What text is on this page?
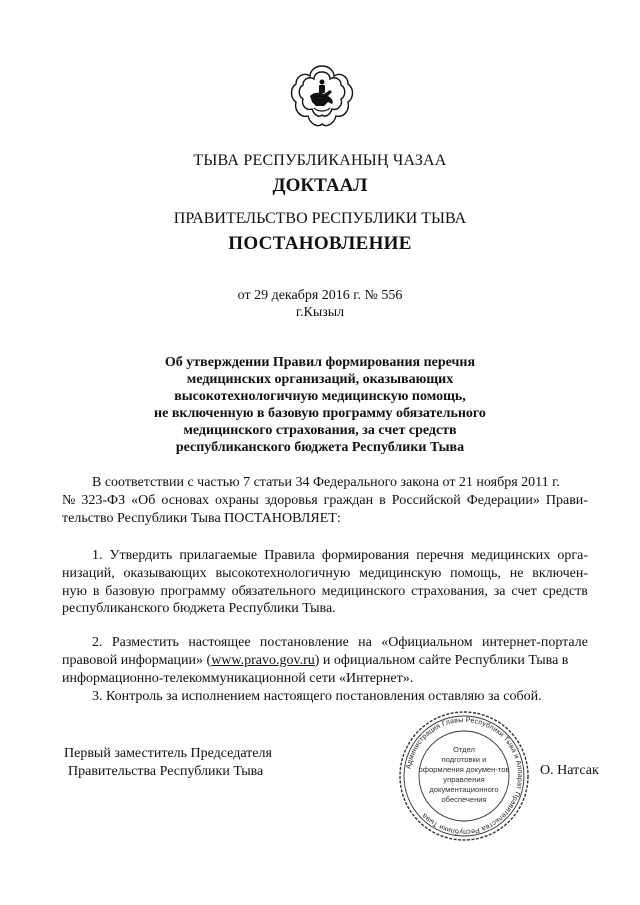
ТЫВА РЕСПУБЛИКАНЫҢ ЧАЗАА
ДОКТААЛ
ПРАВИТЕЛЬСТВО РЕСПУБЛИКИ ТЫВА
ПОСТАНОВЛЕНИЕ
от 29 декабря 2016 г. № 556
г.Кызыл
Об утверждении Правил формирования перечня
медицинских организаций, оказывающих
высокотехнологичную медицинскую помощь,
не включенную в базовую программу обязательного
медицинского страхования, за счет средств
республиканского бюджета Республики Тыва
В соответствии с частью 7 статьи 34 Федерального закона от 21 ноября 2011 г.
№ 323-ФЗ «Об основах охраны здоровья граждан в Российской Федерации» Прави-
тельство Республики Тыва ПОСТАНОВЛЯЕТ:
1. Утвердить прилагаемые Правила формирования перечня медицинских орга-
низаций, оказывающих высокотехнологичную медицинскую помощь, не включен-
ную в базовую программу обязательного медицинского страхования, за счет средств
республиканского бюджета Республики Тыва.
2. Разместить настоящее постановление на «Официальном интернет-портале
правовой информации» (www.pravo.gov.ru) и официальном сайте Республики Тыва в
информационно-телекоммуникационной сети «Интернет».
3. Контроль за исполнением настоящего постановления оставляю за собой.
Первый заместитель Председателя
Правительства Республики Тыва	Администрация Главы Республики Тыва и Аппарат Правительства Республики Тыва
Отдел
подготовки и
оформления докумен-тов
управления
документационного
обеспечения
О. Натсак
